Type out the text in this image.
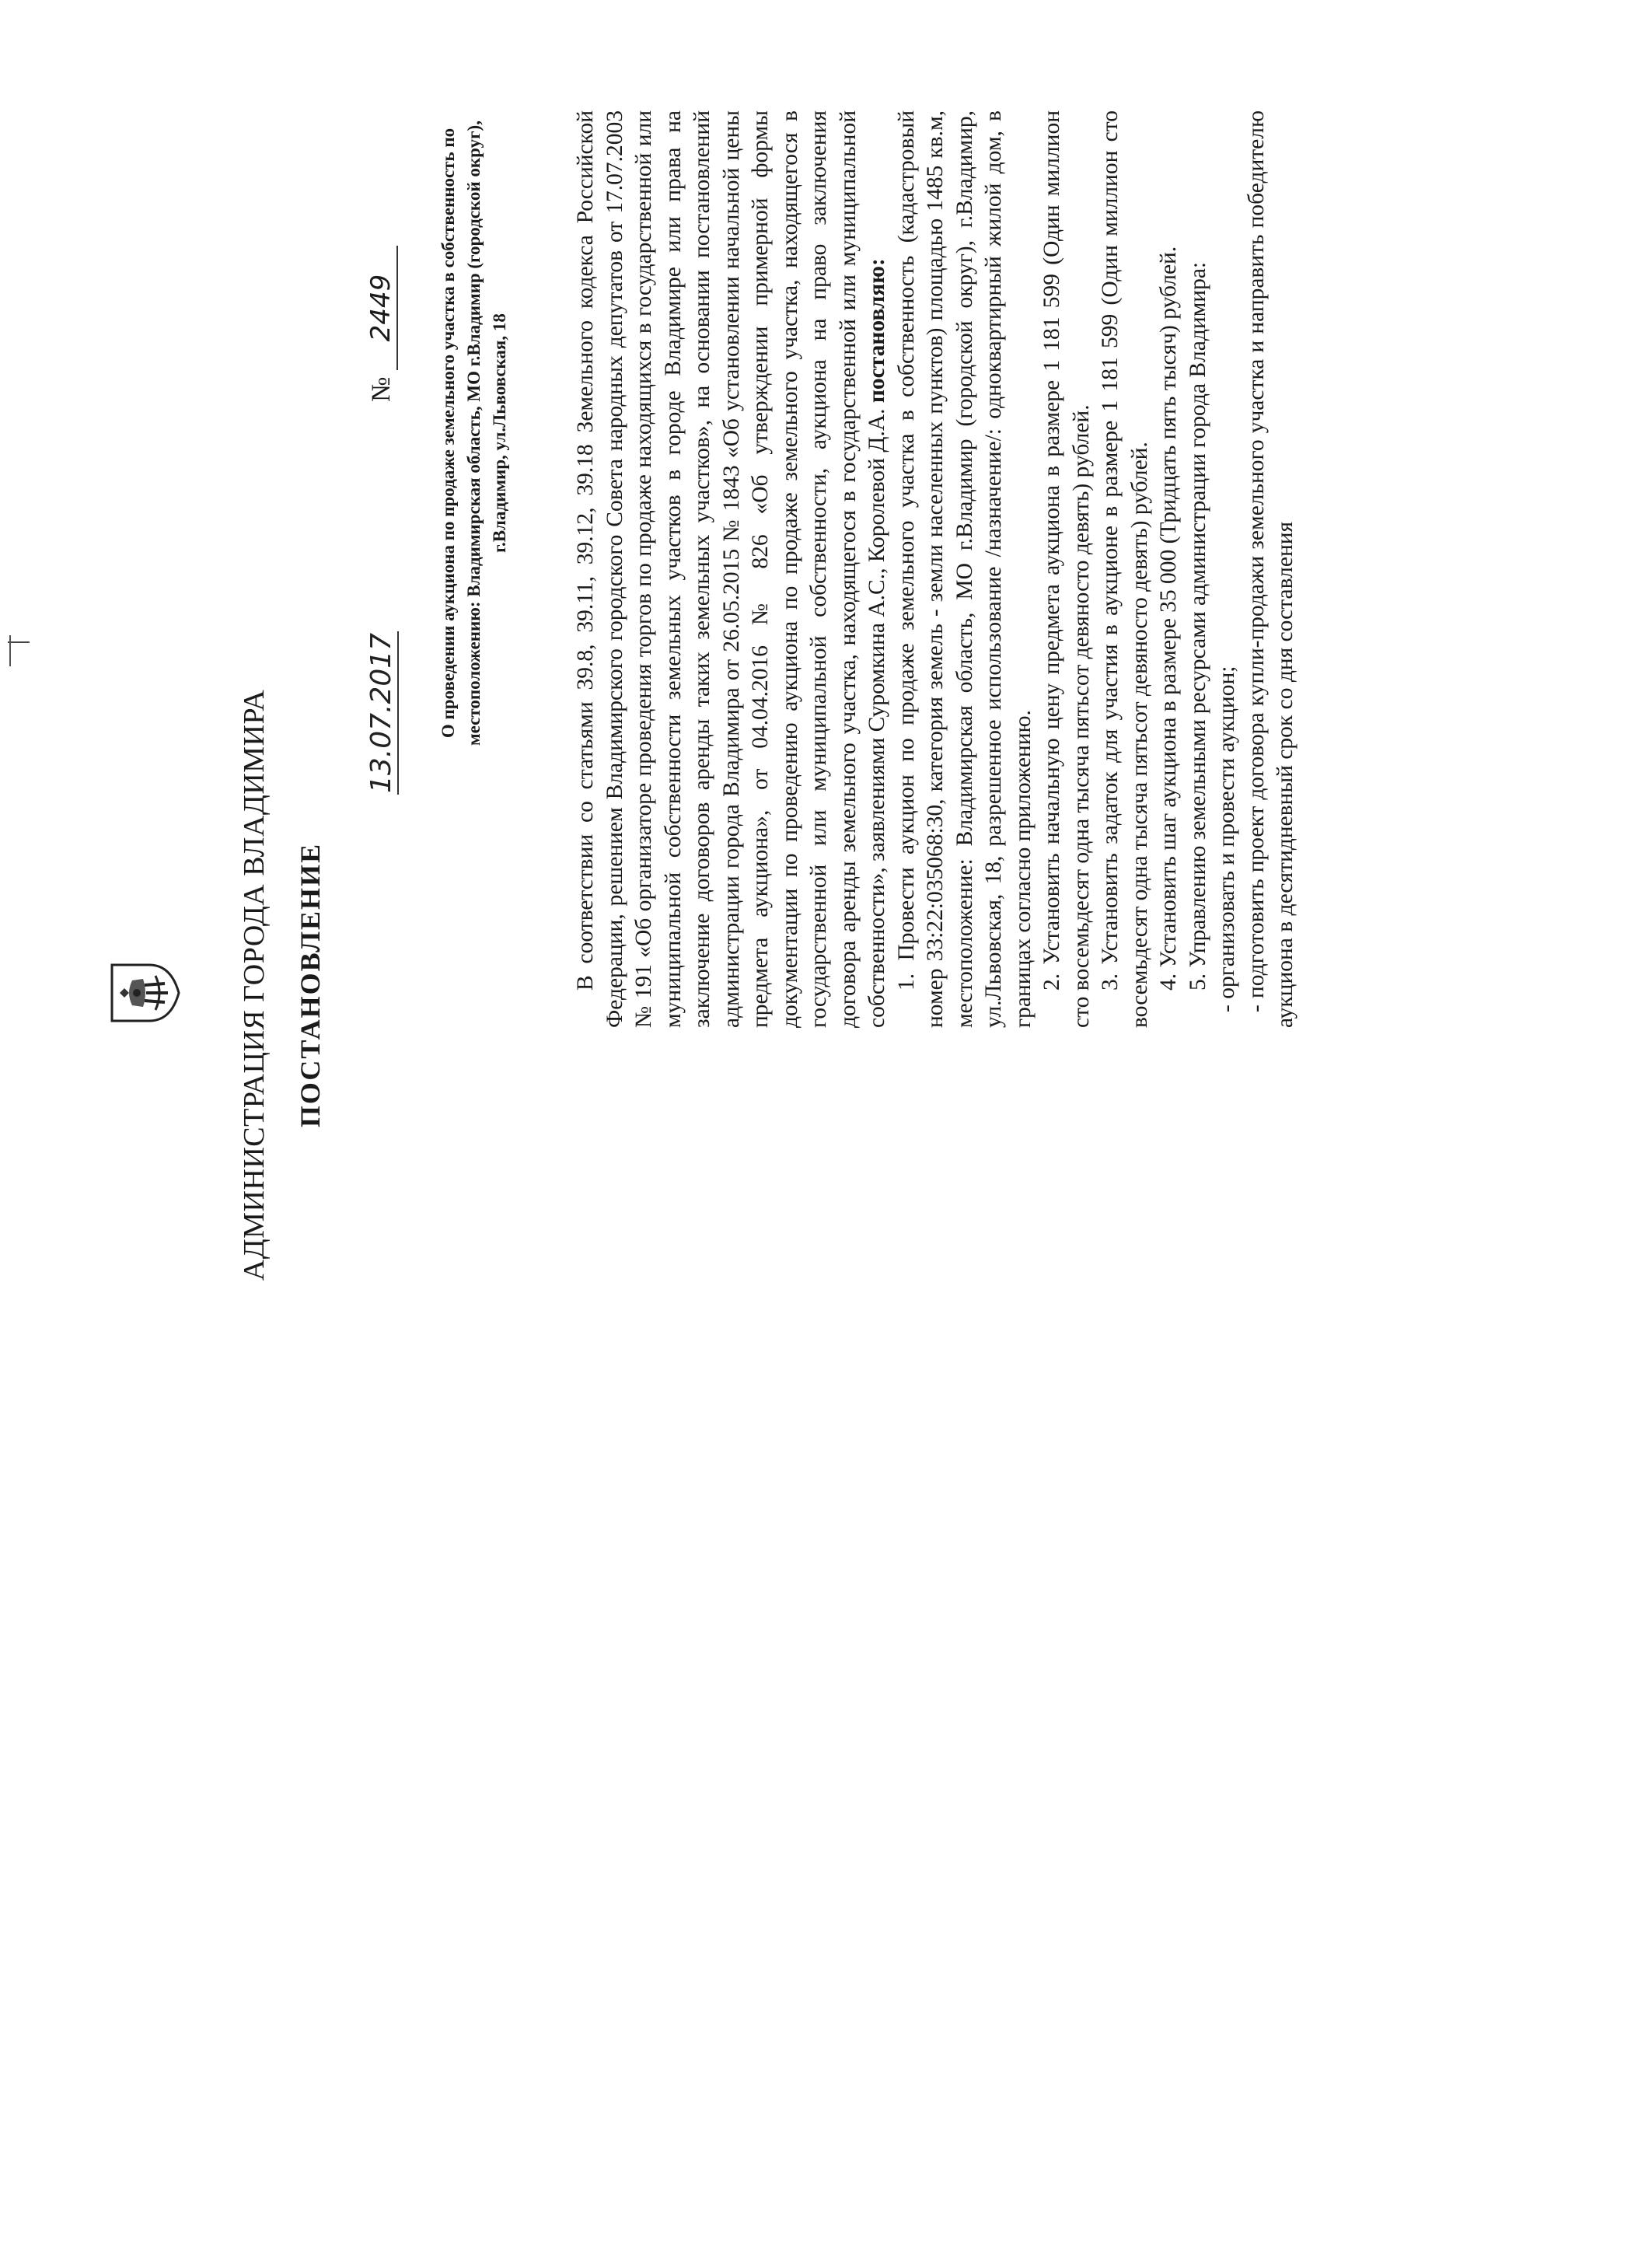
АДМИНИСТРАЦИЯ ГОРОДА ВЛАДИМИРА ПОСТАНОВЛЕНИЕ
13.07.2017
№ 2449 О проведении аукциона по продаже земельного участка в собственность по местоположению: Владимирская область, МО г.Владимир (городской округ), г.Владимир, ул.Львовская, 18	В соответствии со статьями 39.8, 39.11, 39.12, 39.18 Земельного кодекса Российской Федерации, решением Владимирского городского Совета народных депутатов от 17.07.2003 № 191 «Об организаторе проведения торгов по продаже находящихся в государственной или муниципальной собственности земельных участков в городе Владимире или права на заключение договоров аренды таких земельных участков», на основании постановлений администрации города Владимира от 26.05.2015 № 1843 «Об установлении начальной цены предмета аукциона», от 04.04.2016 № 826 «Об утверждении примерной формы документации по проведению аукциона по продаже земельного участка, находящегося в государственной или муниципальной собственности, аукциона на право заключения договора аренды земельного участка, находящегося в государственной или муниципальной собственности», заявлениями Суромкина А.С., Королевой Д.А. постановляю: 1. Провести аукцион по продаже земельного участка в собственность (кадастровый номер 33:22:035068:30, категория земель - земли населенных пунктов) площадью 1485 кв.м, местоположение: Владимирская область, МО г.Владимир (городской округ), г.Владимир, ул.Львовская, 18, разрешенное использование /назначение/: одноквартирный жилой дом, в границах согласно приложению. 2. Установить начальную цену предмета аукциона в размере 1 181 599 (Один миллион сто восемьдесят одна тысяча пятьсот девяносто девять) рублей. 3. Установить задаток для участия в аукционе в размере 1 181 599 (Один миллион сто восемьдесят одна тысяча пятьсот девяносто девять) рублей. 4. Установить шаг аукциона в размере 35 000 (Тридцать пять тысяч) рублей. 5. Управлению земельными ресурсами администрации города Владимира: - организовать и провести аукцион; - подготовить проект договора купли-продажи земельного участка и направить победителю аукциона в десятидневный срок со дня составления
